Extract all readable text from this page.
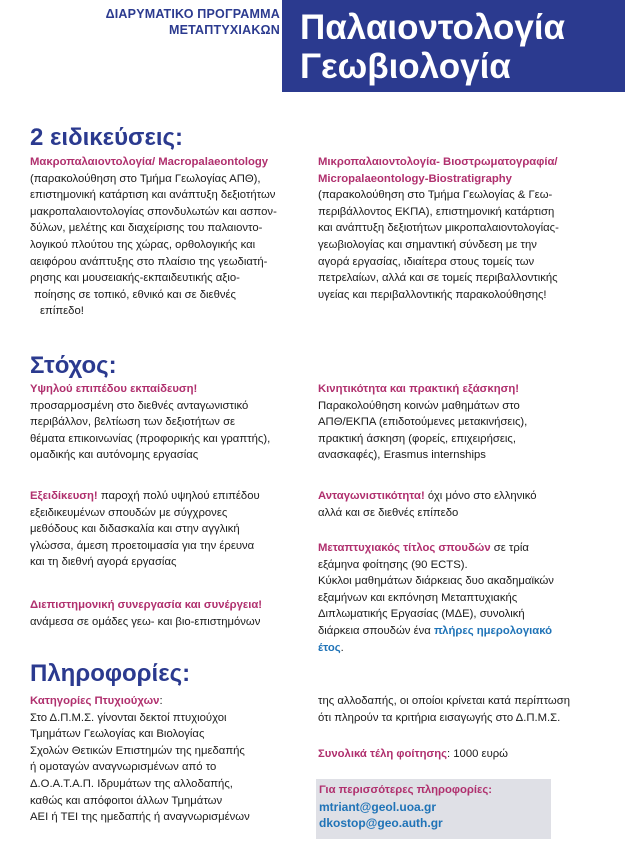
ΔΙΑΡΥΜΑΤΙΚΟ ΠΡΟΓΡΑΜΜΑ
ΜΕΤΑΠΤΥΧΙΑΚΩΝ Παλαιοντολογία
Γεωβιολογία
2 ειδικεύσεις:
Μακροπαλαιοντολογία/ Macropalaeontology
(παρακολούθηση στο Τμήμα Γεωλογίας ΑΠΘ),
επιστημονική κατάρτιση και ανάπτυξη δεξιοτήτων
μακροπαλαιοντολογίας σπονδυλωτών και ασπον-
δύλων, μελέτης και διαχείρισης του παλαιοντο-
λογικού πλούτου της χώρας, ορθολογικής και
αειφόρου ανάπτυξης στο πλαίσιο της γεωδιατή-
ρησης και μουσειακής-εκπαιδευτικής αξιο-
ποίησης σε τοπικό, εθνικό και σε διεθνές
επίπεδο!
Μικροπαλαιοντολογία- Βιοστρωματογραφία/
Micropalaeontology-Biostratigraphy
(παρακολούθηση στο Τμήμα Γεωλογίας & Γεω-
περιβάλλοντος ΕΚΠΑ), επιστημονική κατάρτιση
και ανάπτυξη δεξιοτήτων μικροπαλαιοντολογίας-
γεωβιολογίας και σημαντική σύνδεση με την
αγορά εργασίας, ιδιαίτερα στους τομείς των
πετρελαίων, αλλά και σε τομείς περιβαλλοντικής
υγείας και περιβαλλοντικής παρακολούθησης!
Στόχος:
Υψηλού επιπέδου εκπαίδευση!
προσαρμοσμένη στο διεθνές ανταγωνιστικό
περιβάλλον, βελτίωση των δεξιοτήτων σε
θέματα επικοινωνίας (προφορικής και γραπτής),
ομαδικής και αυτόνομης εργασίας
Εξειδίκευση! παροχή πολύ υψηλού επιπέδου
εξειδικευμένων σπουδών με σύγχρονες
μεθόδους και διδασκαλία και στην αγγλική
γλώσσα, άμεση προετοιμασία για την έρευνα
και τη διεθνή αγορά εργασίας
Διεπιστημονική συνεργασία και συνέργεια!
ανάμεσα σε ομάδες γεω- και βιο-επιστημόνων
Κινητικότητα και πρακτική εξάσκηση!
Παρακολούθηση κοινών μαθημάτων στο
ΑΠΘ/ΕΚΠΑ (επιδοτούμενες μετακινήσεις),
πρακτική άσκηση (φορείς, επιχειρήσεις,
ανασκαφές), Erasmus internships
Ανταγωνιστικότητα! όχι μόνο στο ελληνικό
αλλά και σε διεθνές επίπεδο
Μεταπτυχιακός τίτλος σπουδών σε τρία
εξάμηνα φοίτησης (90 ECTS).
Κύκλοι μαθημάτων διάρκειας δυο ακαδημαϊκών
εξαμήνων και εκπόνηση Μεταπτυχιακής
Διπλωματικής Εργασίας (ΜΔΕ), συνολική
διάρκεια σπουδών ένα πλήρες ημερολογιακό
έτος.
Πληροφορίες:
Κατηγορίες Πτυχιούχων:
Στο Δ.Π.Μ.Σ. γίνονται δεκτοί πτυχιούχοι
Τμημάτων Γεωλογίας και Βιολογίας
Σχολών Θετικών Επιστημών της ημεδαπής
ή ομοταγών αναγνωρισμένων από το
Δ.Ο.Α.Τ.Α.Π. Ιδρυμάτων της αλλοδαπής,
καθώς και απόφοιτοι άλλων Τμημάτων
ΑΕΙ ή ΤΕΙ της ημεδαπής ή αναγνωρισμένων
της αλλοδαπής, οι οποίοι κρίνεται κατά περίπτωση
ότι πληρούν τα κριτήρια εισαγωγής στο Δ.Π.Μ.Σ.
Συνολικά τέλη φοίτησης: 1000 ευρώ
Για περισσότερες πληροφορίες:
mtriant@geol.uoa.gr
dkostop@geo.auth.gr
